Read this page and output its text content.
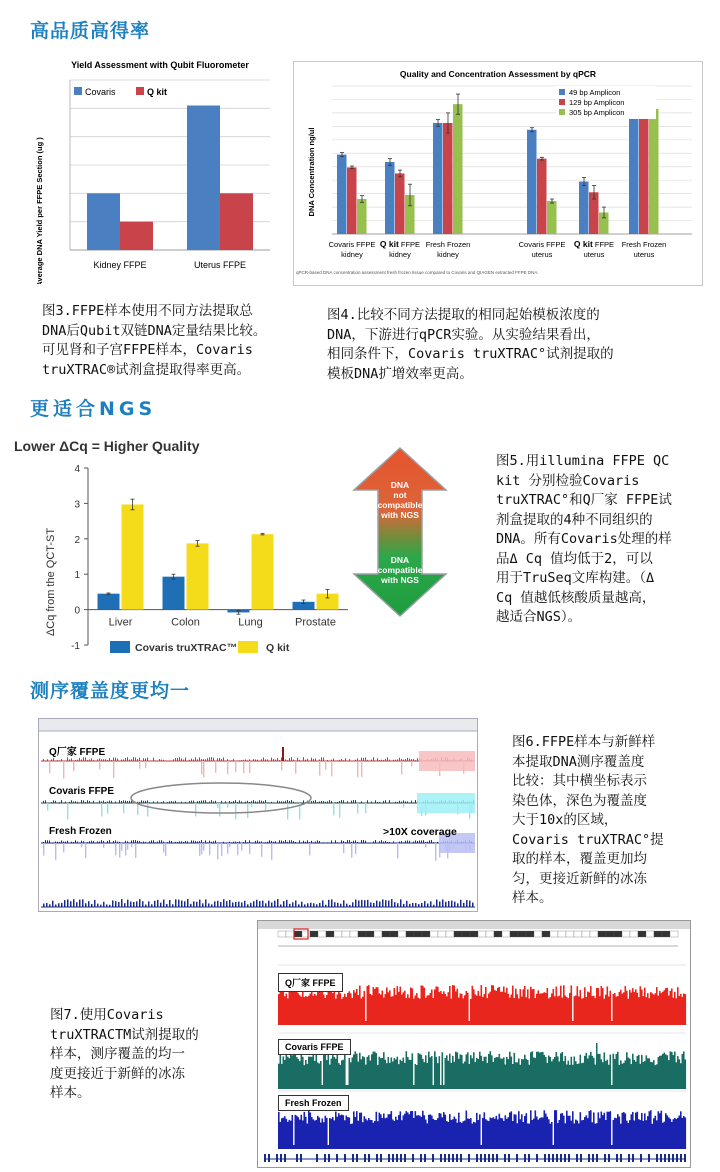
高品质高得率
更适合NGS
测序覆盖度更均一
Yield Assessment with Qubit Fluorometer
Average DNA Yield per FFPE Section (ug )	Kidney FFPE	Uterus FFPE
Covaris	Q kit
Quality and Concentration Assessment by qPCR
DNA Concentration ng/ul
Covaris FFPE
kidney
Q kit FFPE
kidney
Fresh Frozen
kidney
Covaris FFPE
uterus
Q kit FFPE
uterus
Fresh Frozen
uterus
49 bp Amplicon
129 bp Amplicon
305 bp Amplicon
qPCR-based DNA concentration assessment fresh frozen tissue compared to Covaris and QIAGEN extracted FFPE DNA.
图3.FFPE样本使用不同方法提取总
DNA后Qubit双链DNA定量结果比较。
可见肾和子宫FFPE样本，Covaris
truXTRAC®试剂盒提取得率更高。
图4.比较不同方法提取的相同起始模板浓度的
DNA，下游进行qPCR实验。从实验结果看出，
相同条件下，Covaris truXTRAC°试剂提取的
模板DNA扩增效率更高。
Lower ΔCq = Higher Quality
ΔCq from the QCT-ST
-1
0
1
2
3
4
Liver	Colon	Lung	Prostate
Covaris truXTRAC™	Q kit
DNA
not
compatible
with NGS
DNA
compatible
with NGS
图5.用illumina FFPE QC
kit 分别检验Covaris
truXTRAC°和Q厂家 FFPE试
剂盒提取的4种不同组织的
DNA。所有Covaris处理的样
品Δ Cq 值均低于2，可以
用于TruSeq文库构建。（Δ
Cq 值越低核酸质量越高，
越适合NGS）。
Q厂家 FFPE
Covaris FFPE
Fresh Frozen	>10X coverage
图6.FFPE样本与新鲜样
本提取DNA测序覆盖度
比较：其中横坐标表示
染色体，深色为覆盖度
大于10x的区域，
Covaris truXTRAC°提
取的样本，覆盖更加均
匀，更接近新鲜的冰冻
样本。
Q厂家 FFPE
Covaris FFPE
Fresh Frozen
图7.使用Covaris
truXTRACTM试剂提取的
样本，测序覆盖的均一
度更接近于新鲜的冰冻
样本。
